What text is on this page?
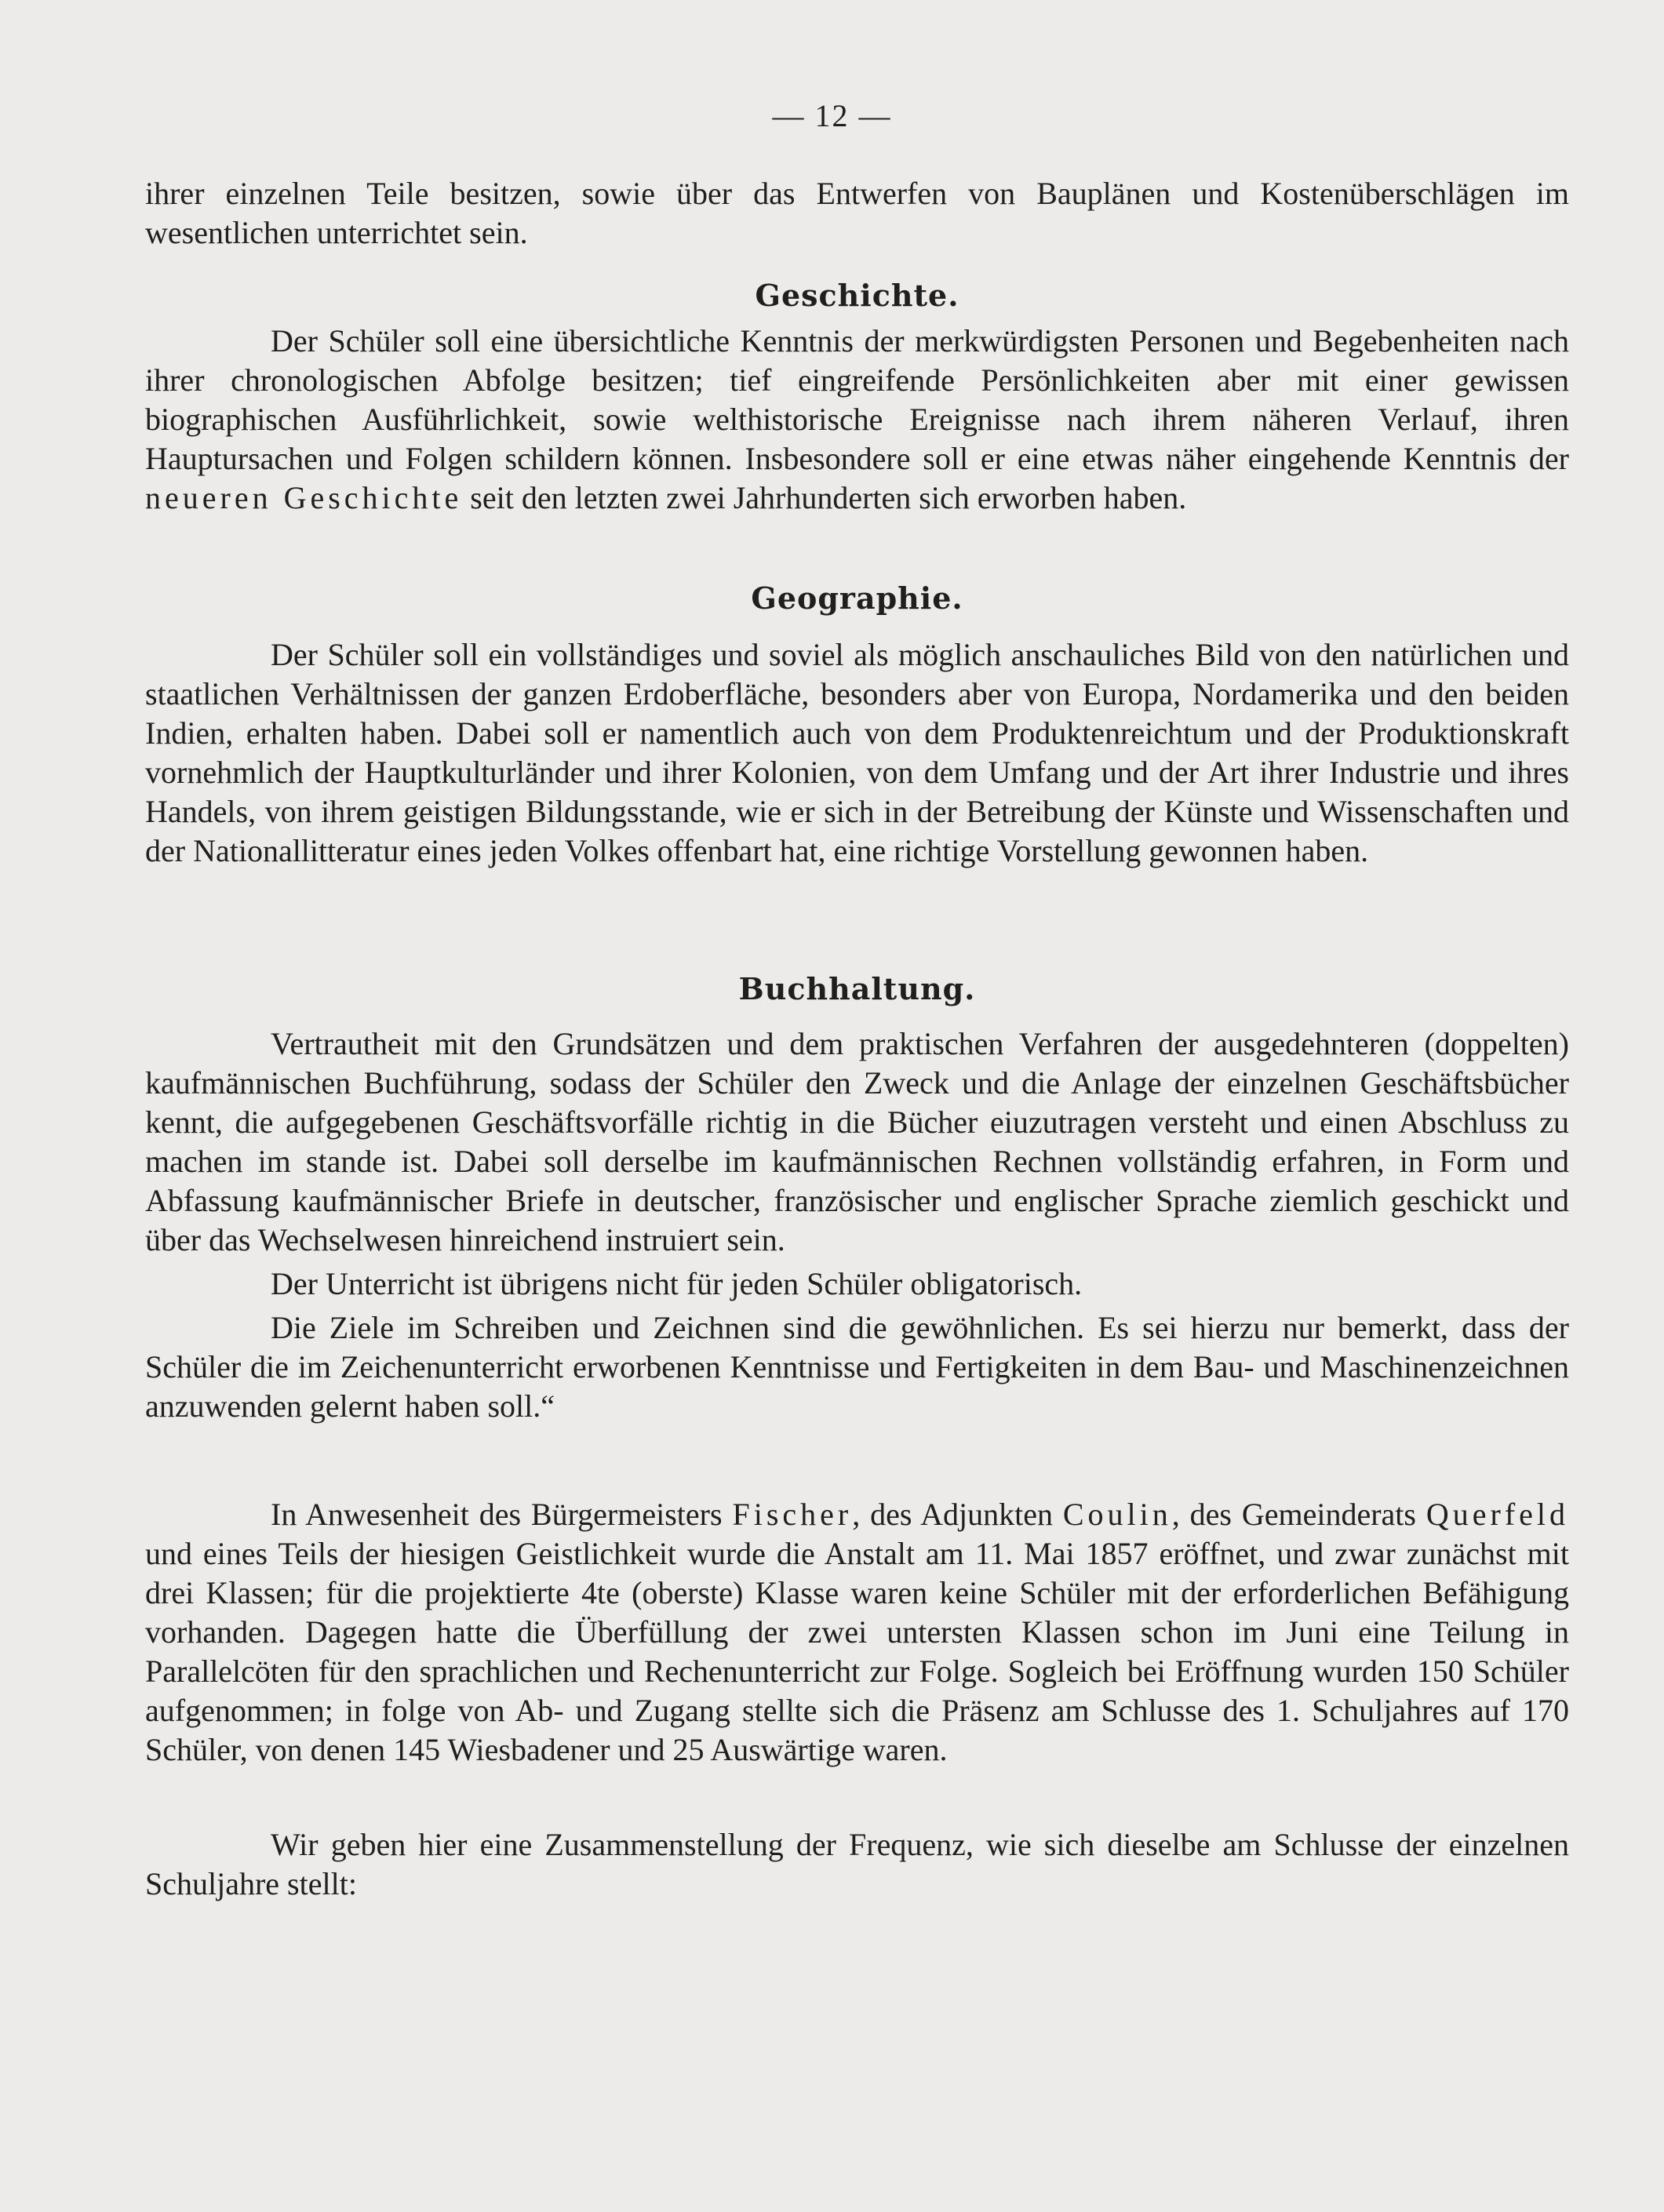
— 12 —

ihrer einzelnen Teile besitzen, sowie über das Entwerfen von Bauplänen und Kostenüberschlägen im wesentlichen unterrichtet sein.

Geschichte.

Der Schüler soll eine übersichtliche Kenntnis der merkwürdigsten Personen und Begebenheiten nach ihrer chronologischen Abfolge besitzen; tief eingreifende Persönlichkeiten aber mit einer gewissen biographischen Ausführlichkeit, sowie welthistorische Ereignisse nach ihrem näheren Verlauf, ihren Hauptursachen und Folgen schildern können. Insbesondere soll er eine etwas näher eingehende Kenntnis der neueren Geschichte seit den letzten zwei Jahrhunderten sich erworben haben.

Geographie.

Der Schüler soll ein vollständiges und soviel als möglich anschauliches Bild von den natürlichen und staatlichen Verhältnissen der ganzen Erdoberfläche, besonders aber von Europa, Nordamerika und den beiden Indien, erhalten haben. Dabei soll er namentlich auch von dem Produktenreichtum und der Produktionskraft vornehmlich der Hauptkulturländer und ihrer Kolonien, von dem Umfang und der Art ihrer Industrie und ihres Handels, von ihrem geistigen Bildungsstande, wie er sich in der Betreibung der Künste und Wissenschaften und der Nationallitteratur eines jeden Volkes offenbart hat, eine richtige Vorstellung gewonnen haben.

Buchhaltung.

Vertrautheit mit den Grundsätzen und dem praktischen Verfahren der ausgedehnteren (doppelten) kaufmännischen Buchführung, sodass der Schüler den Zweck und die Anlage der einzelnen Geschäftsbücher kennt, die aufgegebenen Geschäftsvorfälle richtig in die Bücher eiuzutragen versteht und einen Abschluss zu machen im stande ist. Dabei soll derselbe im kaufmännischen Rechnen vollständig erfahren, in Form und Abfassung kaufmännischer Briefe in deutscher, französischer und englischer Sprache ziemlich geschickt und über das Wechselwesen hinreichend instruiert sein.

Der Unterricht ist übrigens nicht für jeden Schüler obligatorisch.

Die Ziele im Schreiben und Zeichnen sind die gewöhnlichen. Es sei hierzu nur bemerkt, dass der Schüler die im Zeichenunterricht erworbenen Kenntnisse und Fertigkeiten in dem Bau- und Maschinenzeichnen anzuwenden gelernt haben soll.“

In Anwesenheit des Bürgermeisters Fischer, des Adjunkten Coulin, des Gemeinderats Querfeld und eines Teils der hiesigen Geistlichkeit wurde die Anstalt am 11. Mai 1857 eröffnet, und zwar zunächst mit drei Klassen; für die projektierte 4te (oberste) Klasse waren keine Schüler mit der erforderlichen Befähigung vorhanden. Dagegen hatte die Überfüllung der zwei untersten Klassen schon im Juni eine Teilung in Parallelcöten für den sprachlichen und Rechenunterricht zur Folge. Sogleich bei Eröffnung wurden 150 Schüler aufgenommen; in folge von Ab- und Zugang stellte sich die Präsenz am Schlusse des 1. Schuljahres auf 170 Schüler, von denen 145 Wiesbadener und 25 Auswärtige waren.

Wir geben hier eine Zusammenstellung der Frequenz, wie sich dieselbe am Schlusse der einzelnen Schuljahre stellt:
